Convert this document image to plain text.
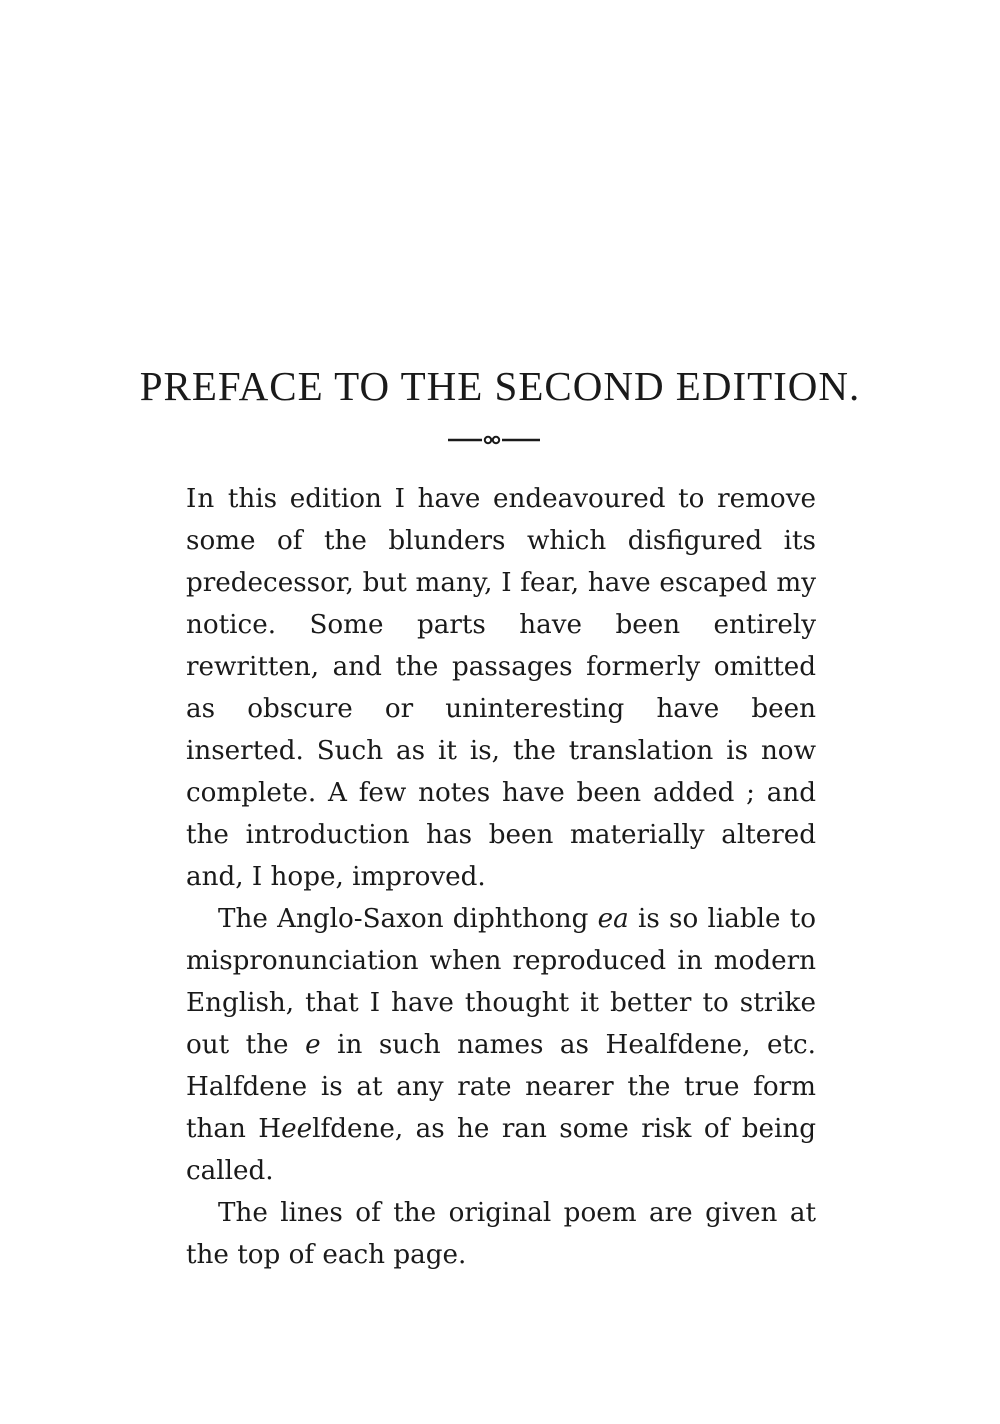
PREFACE TO THE SECOND EDITION.

In this edition I have endeavoured to remove some of the blunders which disfigured its predecessor, but many, I fear, have escaped my notice. Some parts have been entirely rewritten, and the passages formerly omitted as obscure or uninteresting have been inserted. Such as it is, the translation is now complete. A few notes have been added ; and the introduction has been materially altered and, I hope, improved.

The Anglo-Saxon diphthong ea is so liable to mispronunciation when reproduced in modern English, that I have thought it better to strike out the e in such names as Healfdene, etc. Halfdene is at any rate nearer the true form than Heelfdene, as he ran some risk of being called.

The lines of the original poem are given at the top of each page.
